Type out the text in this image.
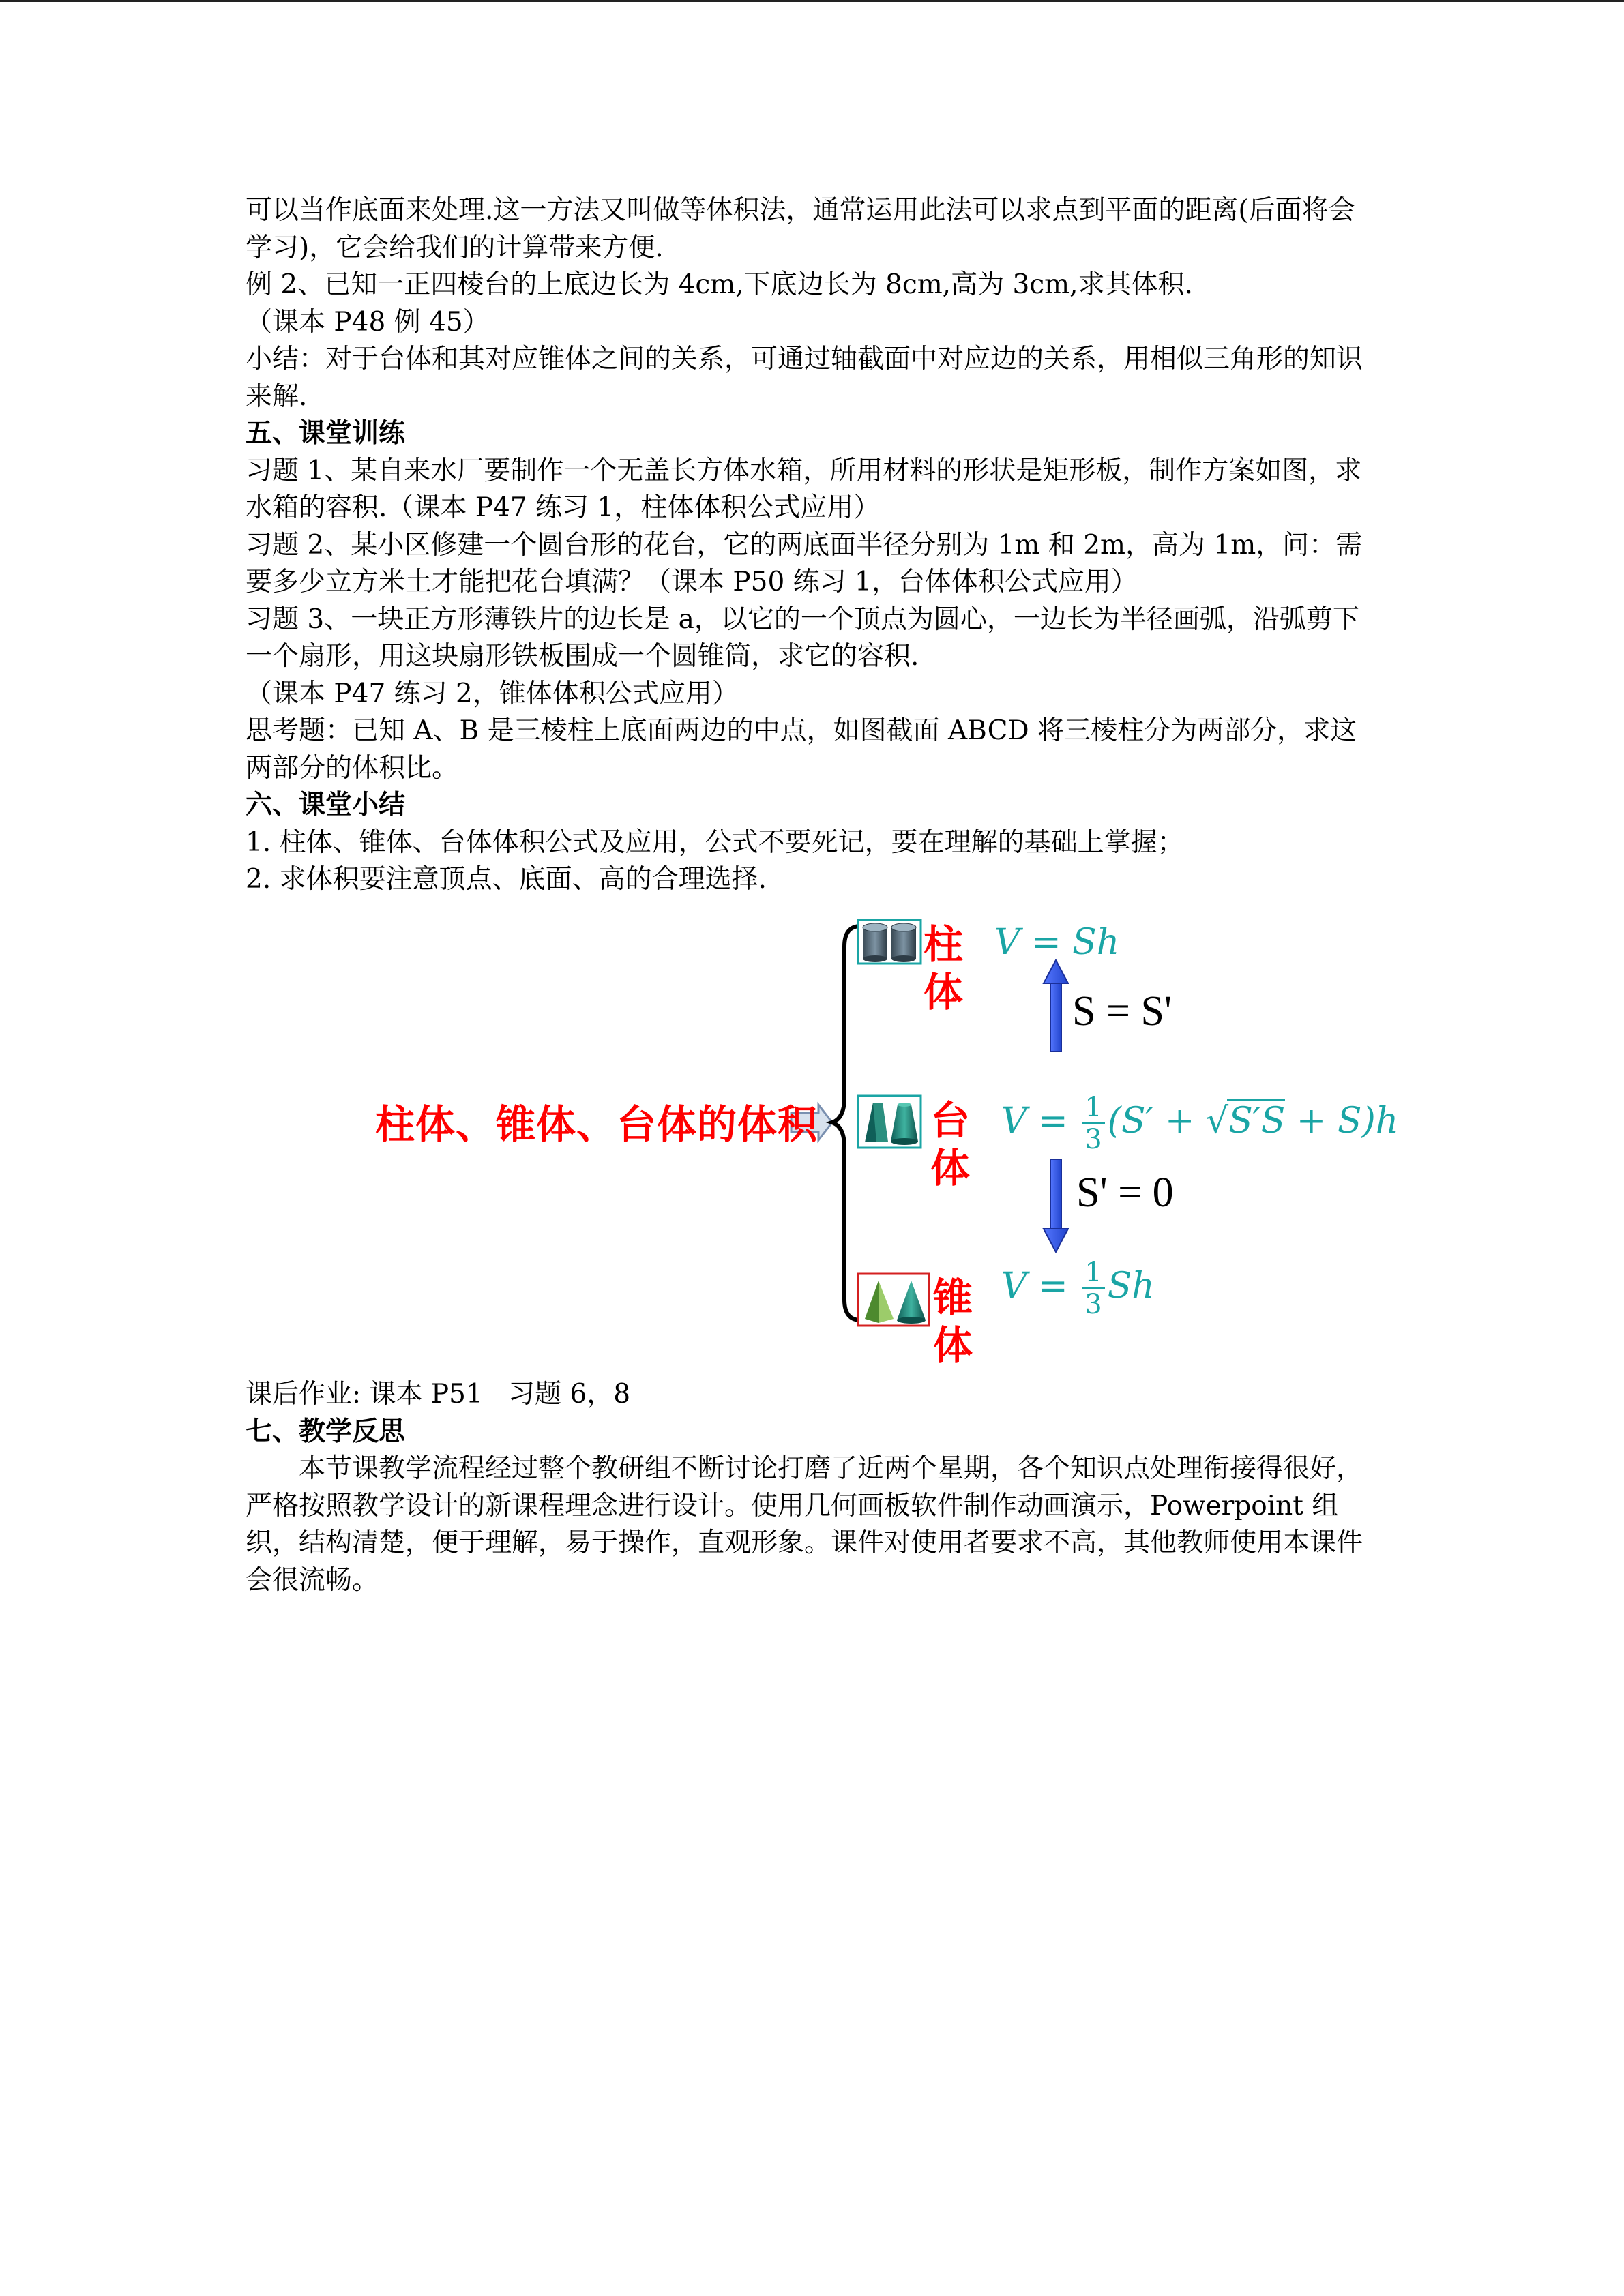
可以当作底面来处理.这一方法又叫做等体积法，通常运用此法可以求点到平面的距离(后面将会学习)，它会给我们的计算带来方便.

例 2、已知一正四棱台的上底边长为 4cm,下底边长为 8cm,高为 3cm,求其体积.

（课本 P48 例 45）

小结：对于台体和其对应锥体之间的关系，可通过轴截面中对应边的关系，用相似三角形的知识来解.

五、课堂训练

习题 1、某自来水厂要制作一个无盖长方体水箱，所用材料的形状是矩形板，制作方案如图，求水箱的容积.（课本 P47 练习 1，柱体体积公式应用）

习题 2、某小区修建一个圆台形的花台，它的两底面半径分别为 1m 和 2m，高为 1m，问：需要多少立方米土才能把花台填满？（课本 P50 练习 1，台体体积公式应用）

习题 3、一块正方形薄铁片的边长是 a，以它的一个顶点为圆心，一边长为半径画弧，沿弧剪下一个扇形，用这块扇形铁板围成一个圆锥筒，求它的容积.

（课本 P47 练习 2，锥体体积公式应用）

思考题：已知 A、B 是三棱柱上底面两边的中点，如图截面 ABCD 将三棱柱分为两部分，求这两部分的体积比。

六、课堂小结

1. 柱体、锥体、台体体积公式及应用，公式不要死记，要在理解的基础上掌握；

2. 求体积要注意顶点、底面、高的合理选择.

柱体、锥体、台体的体积
柱体
台体
锥体
V = Sh
$V = \frac{1}{3} (S' + √S'S + S)h$
$V = \frac{1}{3}$ Sh
S = S'
S' = 0

课后作业: 课本 P51   习题 6，8

七、教学反思

本节课教学流程经过整个教研组不断讨论打磨了近两个星期，各个知识点处理衔接得很好，严格按照教学设计的新课程理念进行设计。使用几何画板软件制作动画演示，Powerpoint 组织，结构清楚，便于理解，易于操作，直观形象。课件对使用者要求不高，其他教师使用本课件会很流畅。
